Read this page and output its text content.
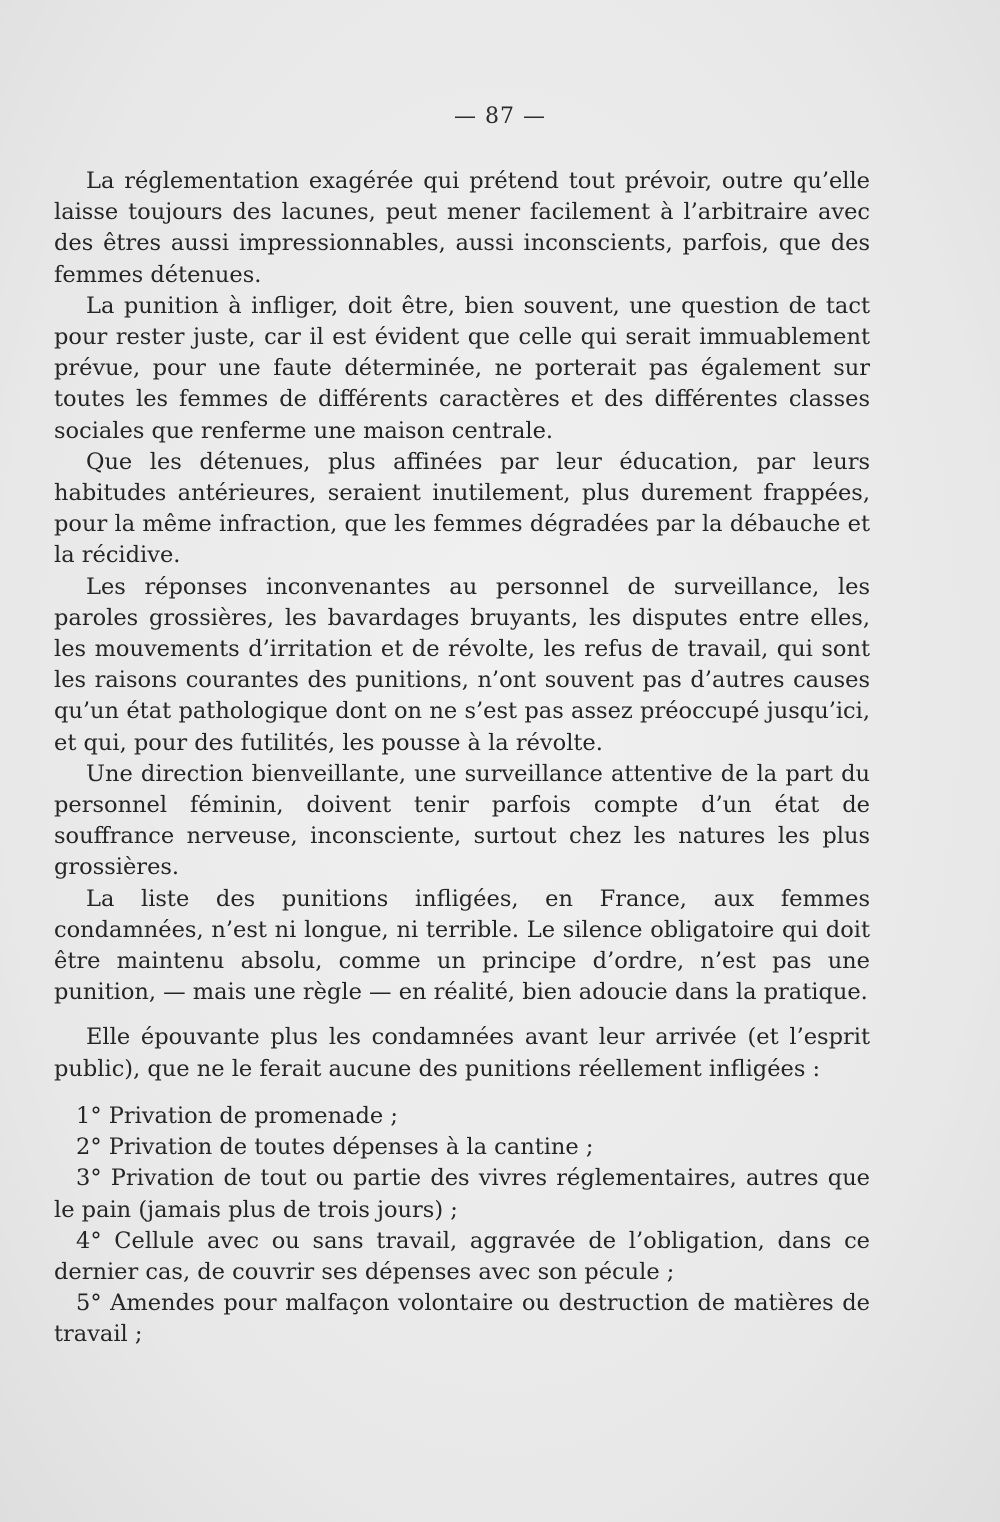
— 87 —

La réglementation exagérée qui prétend tout prévoir, outre qu’elle laisse toujours des lacunes, peut mener facilement à l’arbitraire avec des êtres aussi impressionnables, aussi inconscients, parfois, que des femmes détenues.

La punition à infliger, doit être, bien souvent, une question de tact pour rester juste, car il est évident que celle qui serait immuablement prévue, pour une faute déterminée, ne porterait pas également sur toutes les femmes de différents caractères et des différentes classes sociales que renferme une maison centrale.

Que les détenues, plus affinées par leur éducation, par leurs habitudes antérieures, seraient inutilement, plus durement frappées, pour la même infraction, que les femmes dégradées par la débauche et la récidive.

Les réponses inconvenantes au personnel de surveillance, les paroles grossières, les bavardages bruyants, les disputes entre elles, les mouvements d’irritation et de révolte, les refus de travail, qui sont les raisons courantes des punitions, n’ont souvent pas d’autres causes qu’un état pathologique dont on ne s’est pas assez préoccupé jusqu’ici, et qui, pour des futilités, les pousse à la révolte.

Une direction bienveillante, une surveillance attentive de la part du personnel féminin, doivent tenir parfois compte d’un état de souffrance nerveuse, inconsciente, surtout chez les natures les plus grossières.

La liste des punitions infligées, en France, aux femmes condamnées, n’est ni longue, ni terrible. Le silence obligatoire qui doit être maintenu absolu, comme un principe d’ordre, n’est pas une punition, — mais une règle — en réalité, bien adoucie dans la pratique.

Elle épouvante plus les condamnées avant leur arrivée (et l’esprit public), que ne le ferait aucune des punitions réellement infligées :

1° Privation de promenade ;

2° Privation de toutes dépenses à la cantine ;

3° Privation de tout ou partie des vivres réglementaires, autres que le pain (jamais plus de trois jours) ;

4° Cellule avec ou sans travail, aggravée de l’obligation, dans ce dernier cas, de couvrir ses dépenses avec son pécule ;

5° Amendes pour malfaçon volontaire ou destruction de matières de travail ;
